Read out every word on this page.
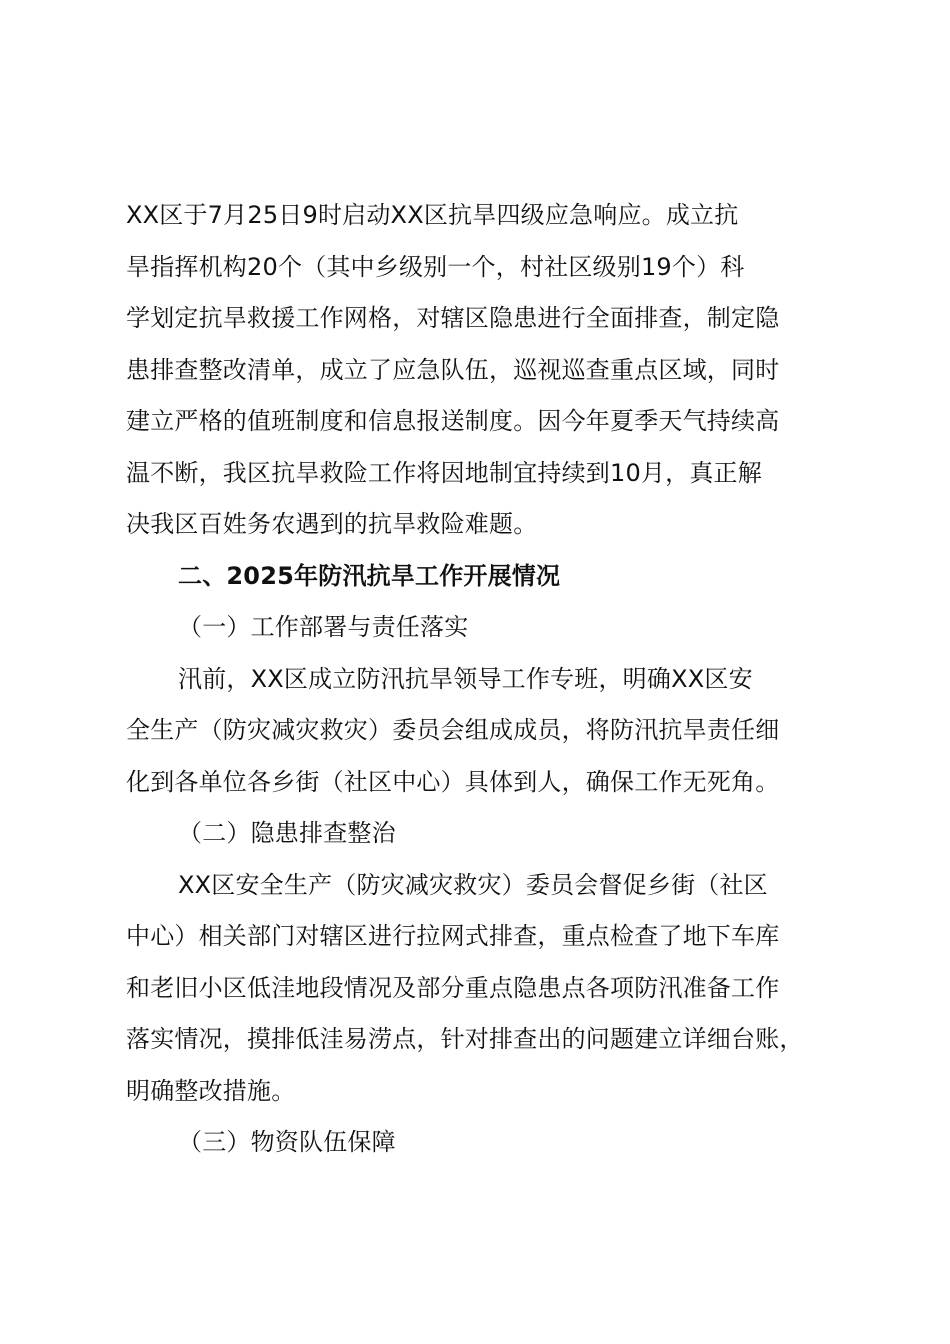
XX区于7月25日9时启动XX区抗旱四级应急响应。成立抗
旱指挥机构20个（其中乡级别一个，村社区级别19个）科
学划定抗旱救援工作网格，对辖区隐患进行全面排查，制定隐
患排查整改清单，成立了应急队伍，巡视巡查重点区域，同时
建立严格的值班制度和信息报送制度。因今年夏季天气持续高
温不断，我区抗旱救险工作将因地制宜持续到10月，真正解
决我区百姓务农遇到的抗旱救险难题。
二、2025年防汛抗旱工作开展情况
（一）工作部署与责任落实
汛前，XX区成立防汛抗旱领导工作专班，明确XX区安
全生产（防灾减灾救灾）委员会组成成员，将防汛抗旱责任细
化到各单位各乡街（社区中心）具体到人，确保工作无死角。
（二）隐患排查整治
XX区安全生产（防灾减灾救灾）委员会督促乡街（社区
中心）相关部门对辖区进行拉网式排查，重点检查了地下车库
和老旧小区低洼地段情况及部分重点隐患点各项防汛准备工作
落实情况，摸排低洼易涝点，针对排查出的问题建立详细台账，
明确整改措施。
（三）物资队伍保障
